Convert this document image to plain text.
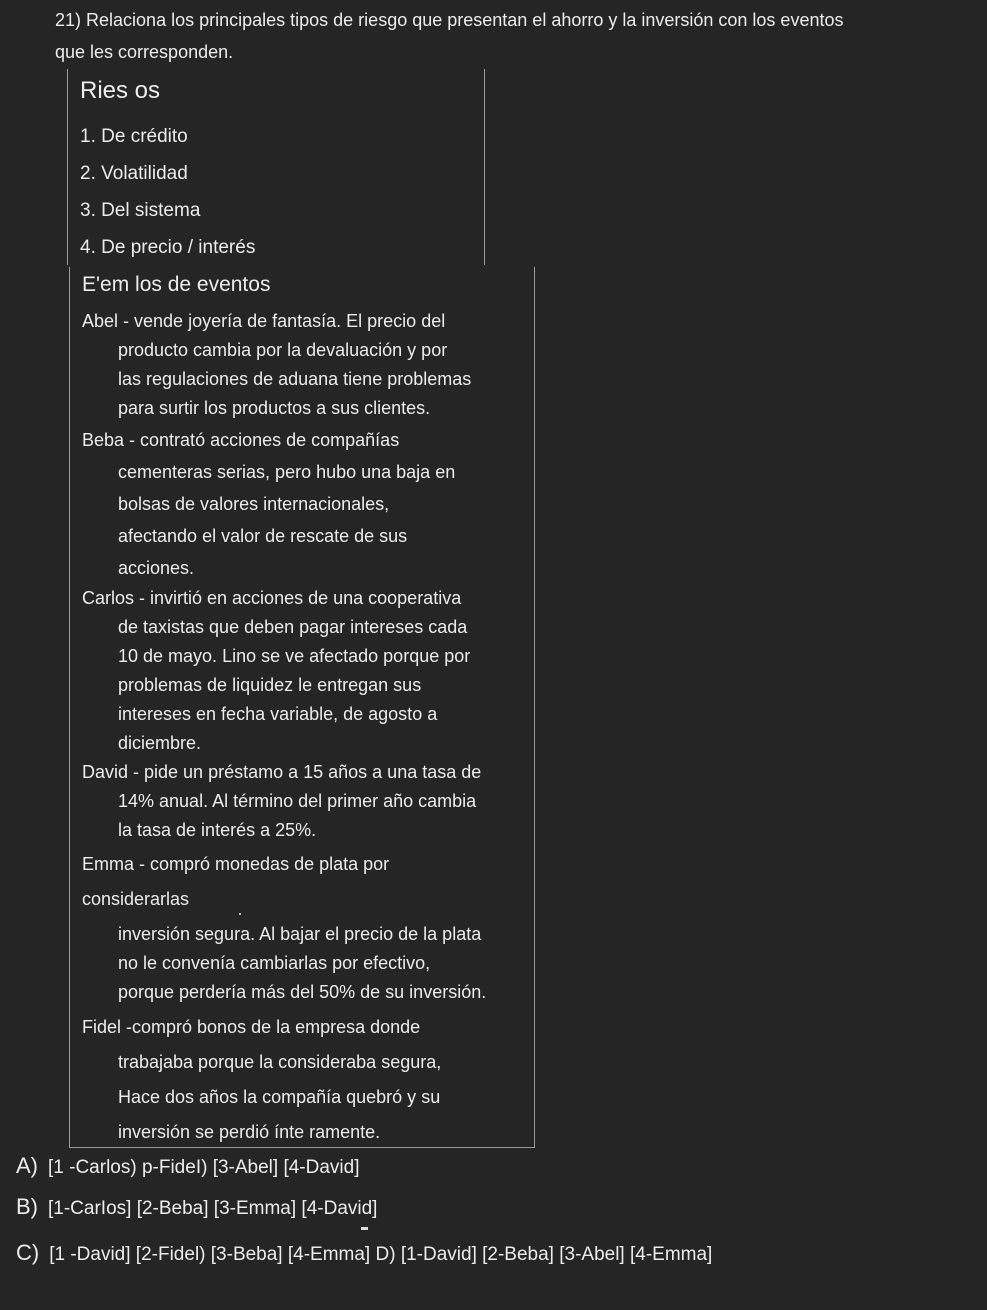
21) Relaciona los principales tipos de riesgo que presentan el ahorro y la inversión con los eventos
que les corresponden.

Ries os
1. De crédito
2. Volatilidad
3. Del sistema
4. De precio / interés
E'em los de eventos
Abel - vende joyería de fantasía. El precio del
producto cambia por la devaluación y por
las regulaciones de aduana tiene problemas
para surtir los productos a sus clientes.
Beba - contrató acciones de compañías
cementeras serias, pero hubo una baja en
bolsas de valores internacionales,
afectando el valor de rescate de sus
acciones.
Carlos - invirtió en acciones de una cooperativa
de taxistas que deben pagar intereses cada
10 de mayo. Lino se ve afectado porque por
problemas de liquidez le entregan sus
intereses en fecha variable, de agosto a
diciembre.
David - pide un préstamo a 15 años a una tasa de
14% anual. Al término del primer año cambia
la tasa de interés a 25%.
Emma - compró monedas de plata por
considerarlas
inversión segura. Al bajar el precio de la plata
no le convenía cambiarlas por efectivo,
porque perdería más del 50% de su inversión.
Fidel -compró bonos de la empresa donde
trabajaba porque la consideraba segura,
Hace dos años la compañía quebró y su
inversión se perdió ínte ramente.
A) [1 -Carlos) p-FideI) [3-Abel] [4-David]
B) [1-CarIos] [2-Beba] [3-Emma] [4-David]
C) [1 -David] [2-Fidel) [3-Beba] [4-Emma] D) [1-David] [2-Beba] [3-Abel] [4-Emma]
